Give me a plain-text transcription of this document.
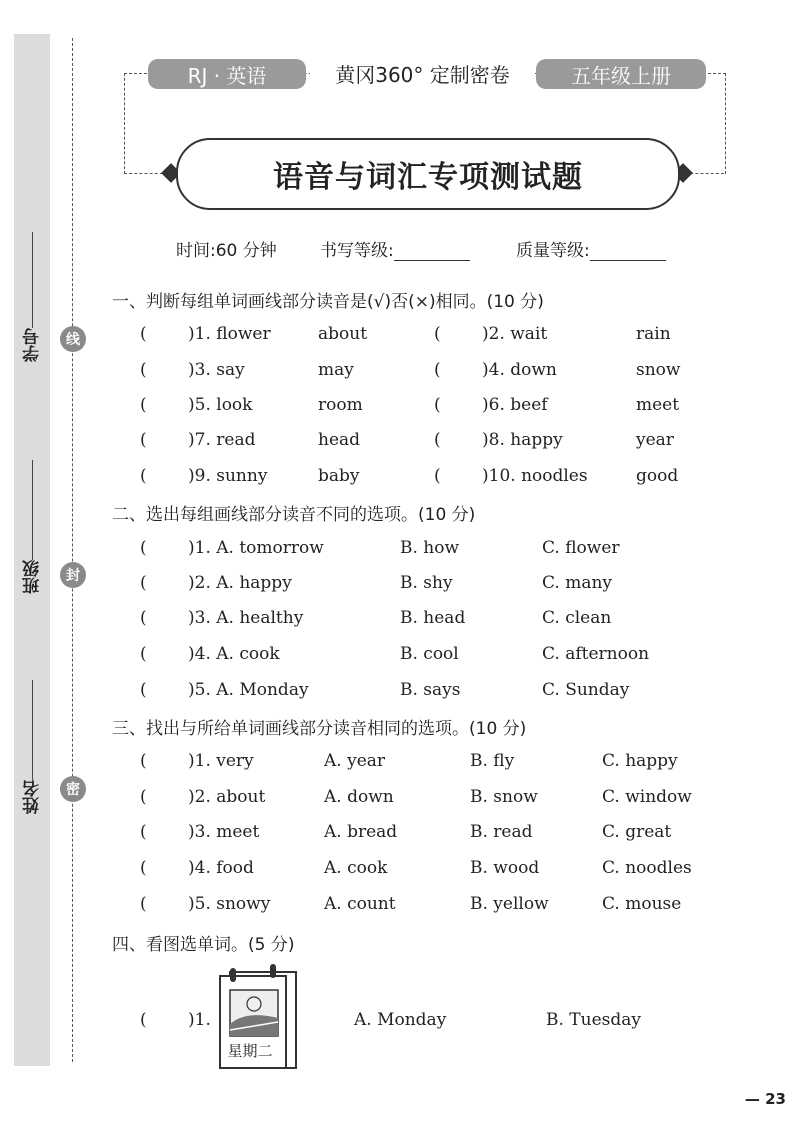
学号
班级
姓名
线
封
密
RJ · 英语	黄冈360° 定制密卷	五年级上册
语音与词汇专项测试题
时间:60 分钟	书写等级:	质量等级:
一、判断每组单词画线部分读音是(√)否(×)相同。(10 分)
( )1. flower	about	( )2. wait	rain
( )3. say	may	( )4. down	snow
( )5. look	room	( )6. beef	meet
( )7. read	head	( )8. happy	year
( )9. sunny	baby	( )10. noodles	good
二、选出每组画线部分读音不同的选项。(10 分)
( )1. A. tomorrow	B. how	C. flower
( )2. A. happy	B. shy	C. many
( )3. A. healthy	B. head	C. clean
( )4. A. cook	B. cool	C. afternoon
( )5. A. Monday	B. says	C. Sunday
三、找出与所给单词画线部分读音相同的选项。(10 分)
( )1. very	A. year	B. fly	C. happy
( )2. about	A. down	B. snow	C. window
( )3. meet	A. bread	B. read	C. great
( )4. food	A. cook	B. wood	C. noodles
( )5. snowy	A. count	B. yellow	C. mouse
四、看图选单词。(5 分)
星期二
( )1.	A. Monday	B. Tuesday
— 23
